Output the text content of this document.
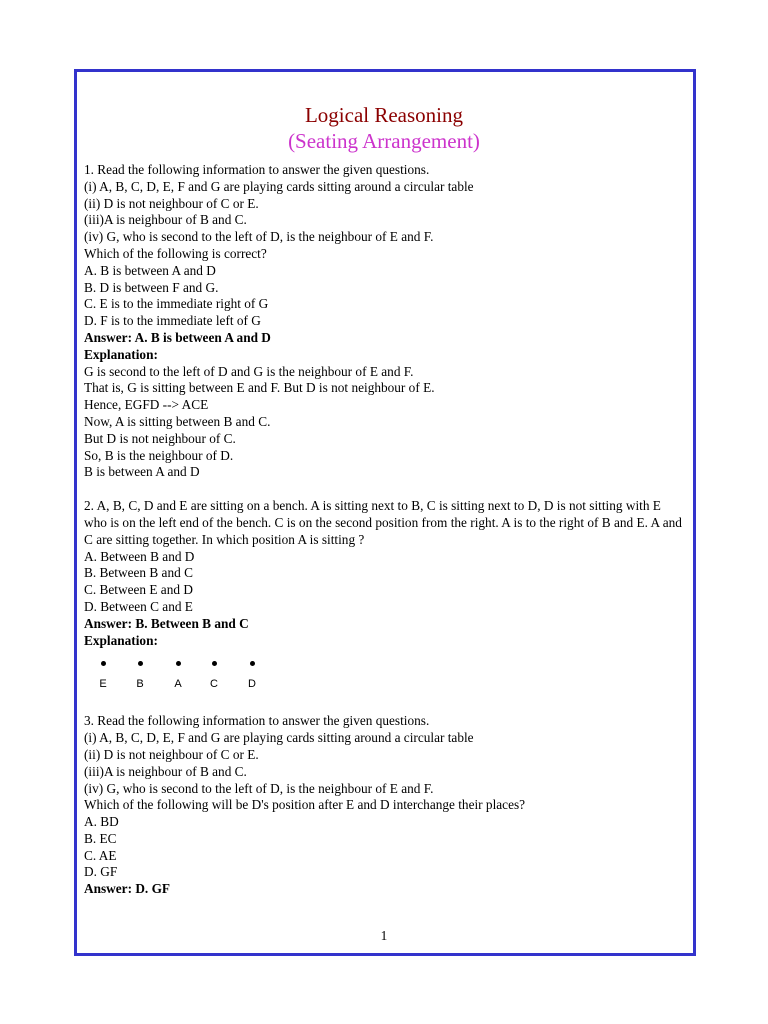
Logical Reasoning
(Seating Arrangement)
1. Read the following information to answer the given questions.
(i) A, B, C, D, E, F and G are playing cards sitting around a circular table
(ii) D is not neighbour of C or E.
(iii)A is neighbour of B and C.
(iv) G, who is second to the left of D, is the neighbour of E and F.
Which of the following is correct?
A. B is between A and D
B. D is between F and G.
C. E is to the immediate right of G
D. F is to the immediate left of G
Answer: A. B is between A and D
Explanation:
G is second to the left of D and G is the neighbour of E and F.
That is, G is sitting between E and F. But D is not neighbour of E.
Hence, EGFD --> ACE
Now, A is sitting between B and C.
But D is not neighbour of C.
So, B is the neighbour of D.
B is between A and D
2. A, B, C, D and E are sitting on a bench. A is sitting next to B, C is sitting next to D, D is not sitting with E who is on the left end of the bench. C is on the second position from the right. A is to the right of B and E. A and C are sitting together. In which position A is sitting ?
A. Between B and D
B. Between B and C
C. Between E and D
D. Between C and E
Answer: B. Between B and C
Explanation:
E	B	A	C	D
3. Read the following information to answer the given questions.
(i) A, B, C, D, E, F and G are playing cards sitting around a circular table
(ii) D is not neighbour of C or E.
(iii)A is neighbour of B and C.
(iv) G, who is second to the left of D, is the neighbour of E and F.
Which of the following will be D's position after E and D interchange their places?
A. BD
B. EC
C. AE
D. GF
Answer: D. GF
1
